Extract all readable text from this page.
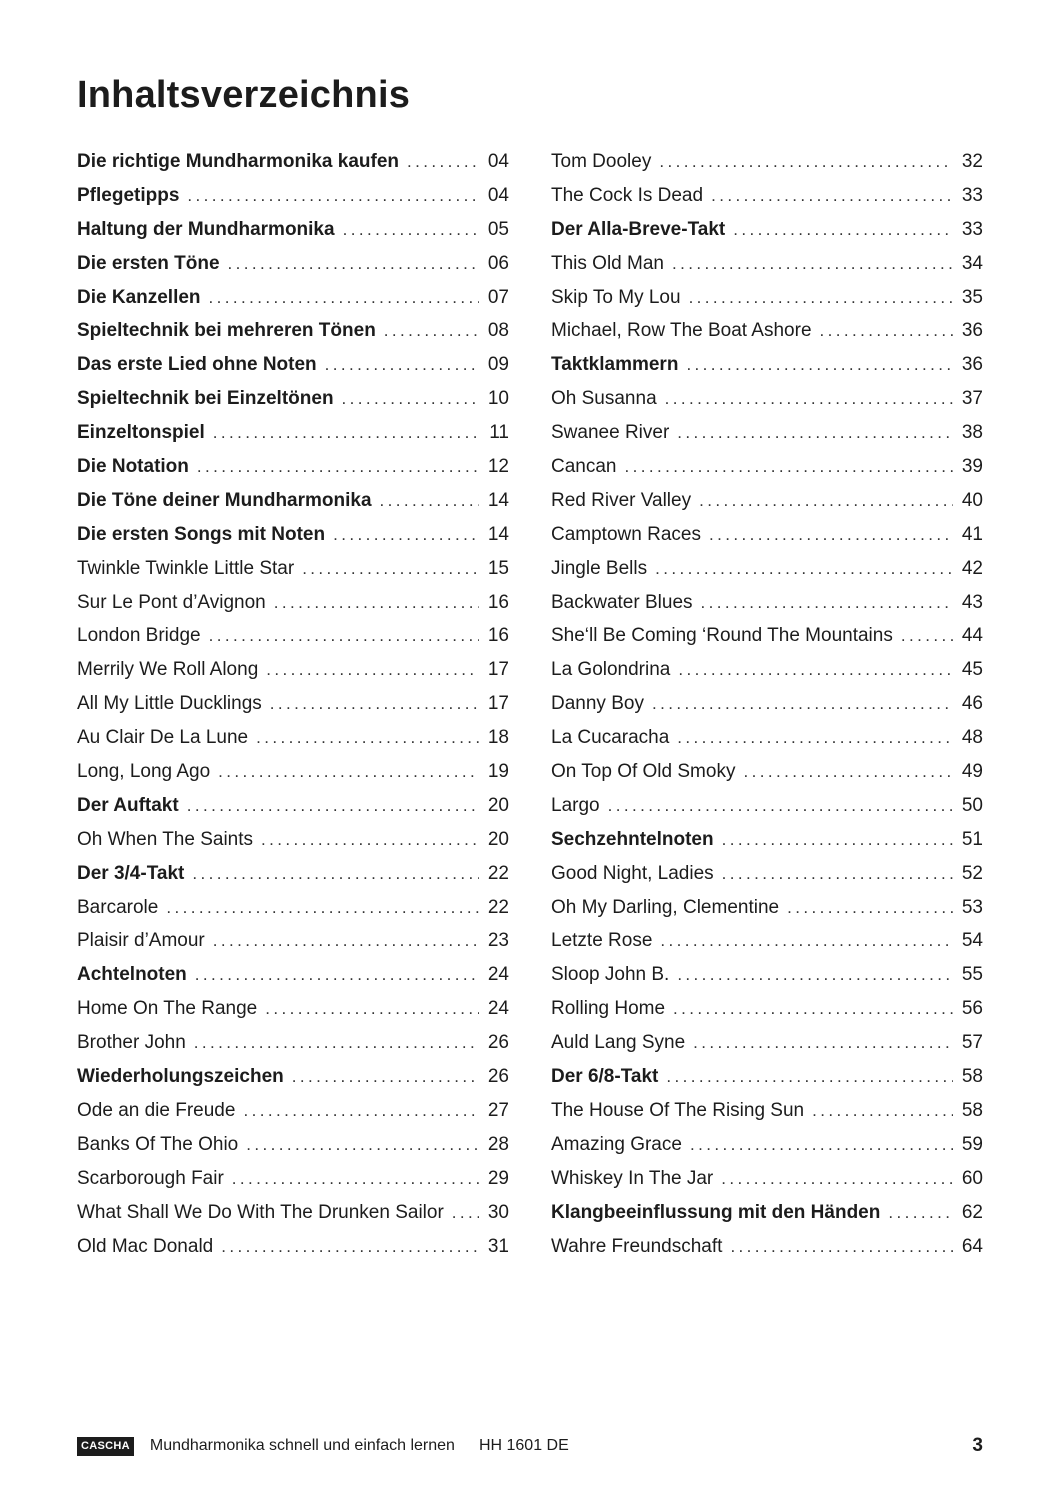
Inhaltsverzeichnis
Die richtige Mundharmonika kaufen .....	04
Pflegetipps .....	04
Haltung der Mundharmonika .....	05
Die ersten Töne .....	06
Die Kanzellen .....	07
Spieltechnik bei mehreren Tönen .....	08
Das erste Lied ohne Noten .....	09
Spieltechnik bei Einzeltönen .....	10
Einzeltonspiel .....	11
Die Notation .....	12
Die Töne deiner Mundharmonika .....	14
Die ersten Songs mit Noten .....	14
Twinkle Twinkle Little Star .....	15
Sur Le Pont d’Avignon .....	16
London Bridge .....	16
Merrily We Roll Along .....	17
All My Little Ducklings .....	17
Au Clair De La Lune .....	18
Long, Long Ago .....	19
Der Auftakt .....	20
Oh When The Saints .....	20
Der 3/4-Takt .....	22
Barcarole .....	22
Plaisir d’Amour .....	23
Achtelnoten .....	24
Home On The Range .....	24
Brother John .....	26
Wiederholungszeichen .....	26
Ode an die Freude .....	27
Banks Of The Ohio .....	28
Scarborough Fair .....	29
What Shall We Do With The Drunken Sailor ..... 30
Old Mac Donald .....	31
Tom Dooley .....	32
The Cock Is Dead .....	33
Der Alla-Breve-Takt .....	33
This Old Man .....	34
Skip To My Lou .....	35
Michael, Row The Boat Ashore .....	36
Taktklammern .....	36
Oh Susanna .....	37
Swanee River .....	38
Cancan .....	39
Red River Valley .....	40
Camptown Races .....	41
Jingle Bells .....	42
Backwater Blues .....	43
She‘ll Be Coming ‘Round The Mountains .....	44
La Golondrina .....	45
Danny Boy .....	46
La Cucaracha .....	48
On Top Of Old Smoky .....	49
Largo .....	50
Sechzehntelnoten .....	51
Good Night, Ladies .....	52
Oh My Darling, Clementine .....	53
Letzte Rose .....	54
Sloop John B. .....	55
Rolling Home .....	56
Auld Lang Syne .....	57
Der 6/8-Takt .....	58
The House Of The Rising Sun .....	58
Amazing Grace .....	59
Whiskey In The Jar .....	60
Klangbeeinflussung mit den Händen .....	62
Wahre Freundschaft .....	64
CASCHA Mundharmonika schnell und einfach lernen HH 1601 DE	3
